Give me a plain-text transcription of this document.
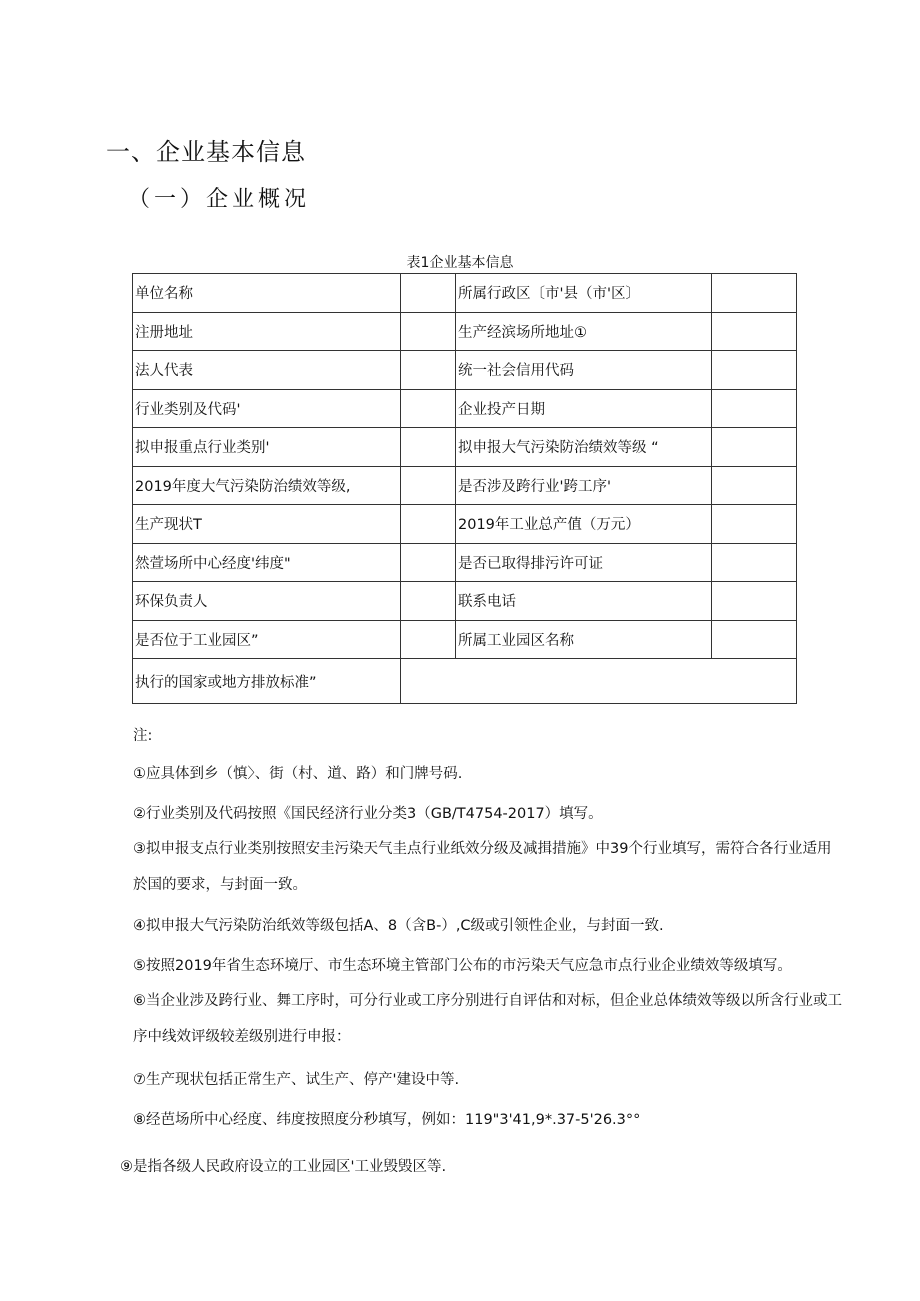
一、企业基本信息
（一）企业概况
表1企业基本信息
单位名称		所属行政区〔市'县（市'区〕	
注册地址		生产经滨场所地址①	
法人代表		统一社会信用代码	
行业类别及代码'		企业投产日期	
拟申报重点行业类别'		拟申报大气污染防治绩效等级 “	
2019年度大气污染防治绩效等级,		是否涉及跨行业'跨工序'	
生产现状T		2019年工业总产值（万元）	
然萱场所中心经度'纬度"		是否已取得排污许可证	
环保负责人		联系电话	
是否位于工业园区”		所属工业园区名称	
执行的国家或地方排放标准”			
注:
①应具体到乡（慎〉、街（村、道、路）和门牌号码.
②行业类别及代码按照《国民经济行业分类3（GB/T4754-2017）填写。
③拟申报支点行业类别按照安圭污染天气圭点行业纸效分级及减揖措施》中39个行业填写，需符合各行业适用於国的要求，与封面一致。
④拟申报大气污染防治纸效等级包括A、8（含B-）,C级或引领性企业，与封面一致.
⑤按照2019年省生态环境厅、市生态环境主管部门公布的市污染天气应急市点行业企业绩效等级填写。
⑥当企业涉及跨行业、舞工序时，可分行业或工序分别进行自评估和对标，但企业总体绩效等级以所含行业或工序中线效评级较差级别进行申报：
⑦生产现状包括正常生产、试生产、停产'建设中等.
⑧经芭场所中心经度、纬度按照度分秒填写，例如：119"3'41,9*.37-5'26.3°°
⑨是指各级人民政府设立的工业园区'工业毁毁区等.
